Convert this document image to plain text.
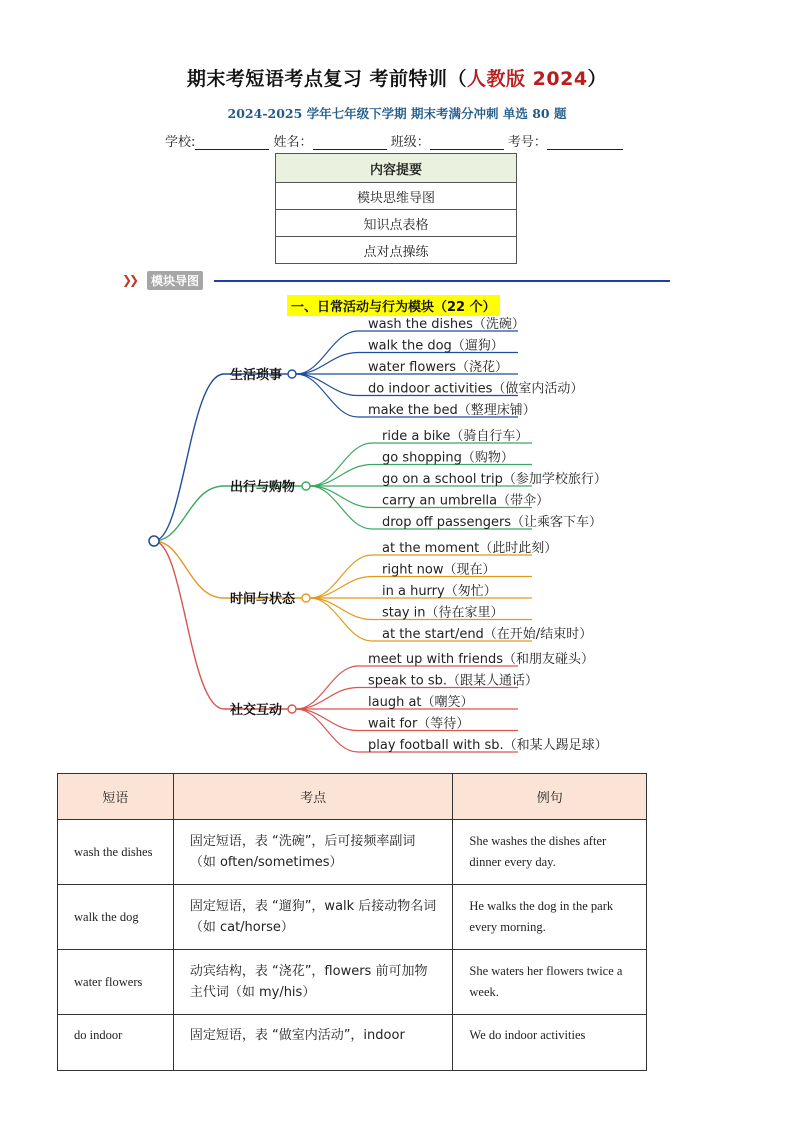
期末考短语考点复习 考前特训（人教版 2024）
2024-2025 学年七年级下学期 期末考满分冲刺 单选 80 题
学校:	姓名：	班级：	考号：
内容提要
模块思维导图
知识点表格
点对点操练
❯❯	模块导图
一、日常活动与行为模块（22 个）
生活琐事
wash the dishes（洗碗）
walk the dog（遛狗）
water flowers（浇花）
do indoor activities（做室内活动）
make the bed（整理床铺）
出行与购物
ride a bike（骑自行车）
go shopping（购物）
go on a school trip（参加学校旅行）
carry an umbrella（带伞）
drop off passengers（让乘客下车）
时间与状态
at the moment（此时此刻）
right now（现在）
in a hurry（匆忙）
stay in（待在家里）
at the start/end（在开始/结束时）
社交互动
meet up with friends（和朋友碰头）
speak to sb.（跟某人通话）
laugh at（嘲笑）
wait for（等待）
play football with sb.（和某人踢足球）
短语	考点	例句
wash the dishes	固定短语，表 “洗碗”，后可接频率副词（如 often/sometimes）	She washes the dishes after dinner every day.
walk the dog	固定短语，表 “遛狗”，walk 后接动物名词（如 cat/horse）	He walks the dog in the park every morning.
water flowers	动宾结构，表 “浇花”，flowers 前可加物主代词（如 my/his）	She waters her flowers twice a week.
do indoor	固定短语，表 “做室内活动”，indoor	We do indoor activities
